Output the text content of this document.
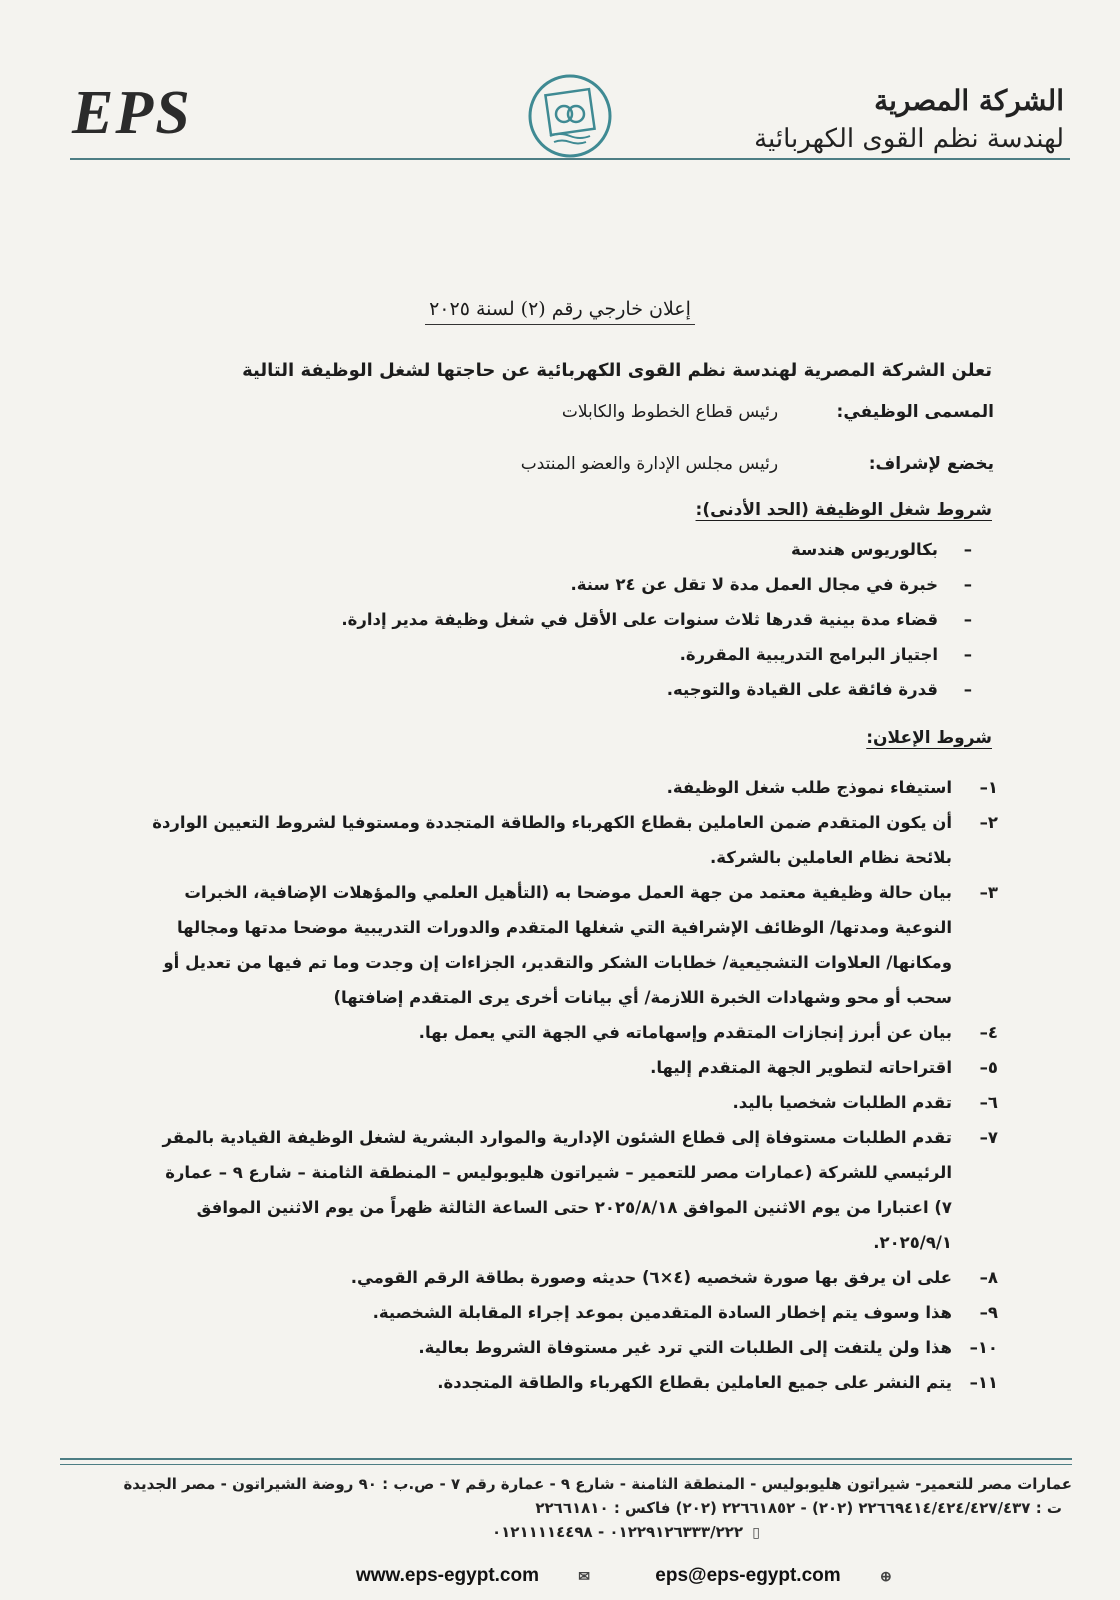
EPS	الشركة المصرية
لهندسة نظم القوى الكهربائية
إعلان خارجي رقم (٢) لسنة ٢٠٢٥
تعلن الشركة المصرية لهندسة نظم القوى الكهربائية عن حاجتها لشغل الوظيفة التالية
المسمى الوظيفي: رئيس قطاع الخطوط والكابلات
يخضع لإشراف: رئيس مجلس الإدارة والعضو المنتدب
شروط شغل الوظيفة (الحد الأدنى):
– بكالوريوس هندسة
– خبرة في مجال العمل مدة لا تقل عن ٢٤ سنة.
– قضاء مدة بينية قدرها ثلاث سنوات على الأقل في شغل وظيفة مدير إدارة.
– اجتياز البرامج التدريبية المقررة.
– قدرة فائقة على القيادة والتوجيه.
شروط الإعلان:
١–
استيفاء نموذج طلب شغل الوظيفة.
٢–
أن يكون المتقدم ضمن العاملين بقطاع الكهرباء والطاقة المتجددة ومستوفيا لشروط التعيين الواردة بلائحة نظام العاملين بالشركة.
٣–
بيان حالة وظيفية معتمد من جهة العمل موضحا به (التأهيل العلمي والمؤهلات الإضافية، الخبرات النوعية ومدتها/ الوظائف الإشرافية التي شغلها المتقدم والدورات التدريبية موضحا مدتها ومجالها ومكانها/ العلاوات التشجيعية/ خطابات الشكر والتقدير، الجزاءات إن وجدت وما تم فيها من تعديل أو سحب أو محو وشهادات الخبرة اللازمة/ أي بيانات أخرى يرى المتقدم إضافتها)
٤–
بيان عن أبرز إنجازات المتقدم وإسهاماته في الجهة التي يعمل بها.
٥–
اقتراحاته لتطوير الجهة المتقدم إليها.
٦–
تقدم الطلبات شخصيا باليد.
٧–
تقدم الطلبات مستوفاة إلى قطاع الشئون الإدارية والموارد البشرية لشغل الوظيفة القيادية بالمقر الرئيسي للشركة (عمارات مصر للتعمير – شيراتون هليوبوليس – المنطقة الثامنة – شارع ٩ – عمارة ٧) اعتبارا من يوم الاثنين الموافق ٢٠٢٥/٨/١٨ حتى الساعة الثالثة ظهراً من يوم الاثنين الموافق ٢٠٢٥/٩/١.
٨–
على ان يرفق بها صورة شخصيه (٤×٦) حديثه وصورة بطاقة الرقم القومي.
٩–
هذا وسوف يتم إخطار السادة المتقدمين بموعد إجراء المقابلة الشخصية.
١٠–
هذا ولن يلتفت إلى الطلبات التي ترد غير مستوفاة الشروط بعالية.
١١–
يتم النشر على جميع العاملين بقطاع الكهرباء والطاقة المتجددة.
عمارات مصر للتعمير- شيراتون هليوبوليس - المنطقة الثامنة - شارع ٩ - عمارة رقم ٧ - ص.ب : ٩٠ روضة الشيراتون - مصر الجديدة
ت : ٢٢٦٦٩٤١٤/٤٢٤/٤٢٧/٤٣٧ (٢٠٢) - ٢٢٦٦١٨٥٢ (٢٠٢) فاكس : ٢٢٦٦١٨١٠
▯ ٠١٢٢٩١٢٦٣٣٣/٢٢٢ - ٠١٢١١١١٤٤٩٨
www.eps-egypt.com	✉	eps@eps-egypt.com	⊕
